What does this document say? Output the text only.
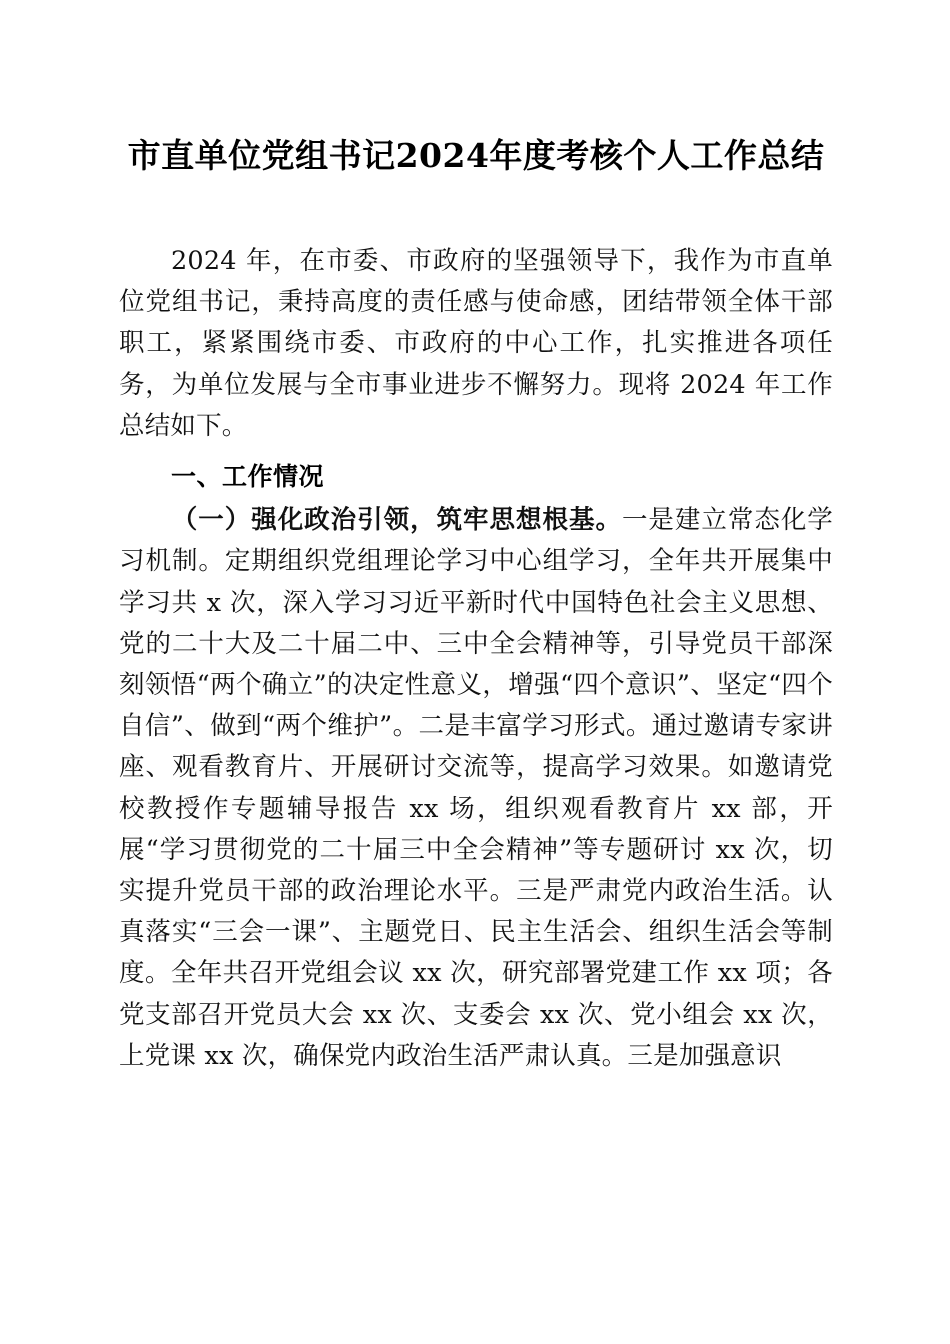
市直单位党组书记2024年度考核个人工作总结

2024 年，在市委、市政府的坚强领导下，我作为市直单位党组书记，秉持高度的责任感与使命感，团结带领全体干部职工，紧紧围绕市委、市政府的中心工作，扎实推进各项任务，为单位发展与全市事业进步不懈努力。现将 2024 年工作总结如下。

一、工作情况

（一）强化政治引领，筑牢思想根基。一是建立常态化学习机制。定期组织党组理论学习中心组学习，全年共开展集中学习共 x 次，深入学习习近平新时代中国特色社会主义思想、党的二十大及二十届二中、三中全会精神等，引导党员干部深刻领悟“两个确立”的决定性意义，增强“四个意识”、坚定“四个自信”、做到“两个维护”。二是丰富学习形式。通过邀请专家讲座、观看教育片、开展研讨交流等，提高学习效果。如邀请党校教授作专题辅导报告 xx 场，组织观看教育片 xx 部，开展“学习贯彻党的二十届三中全会精神”等专题研讨 xx 次，切实提升党员干部的政治理论水平。三是严肃党内政治生活。认真落实“三会一课”、主题党日、民主生活会、组织生活会等制度。全年共召开党组会议 xx 次，研究部署党建工作 xx 项；各党支部召开党员大会 xx 次、支委会 xx 次、党小组会 xx 次，上党课 xx 次，确保党内政治生活严肃认真。三是加强意识
